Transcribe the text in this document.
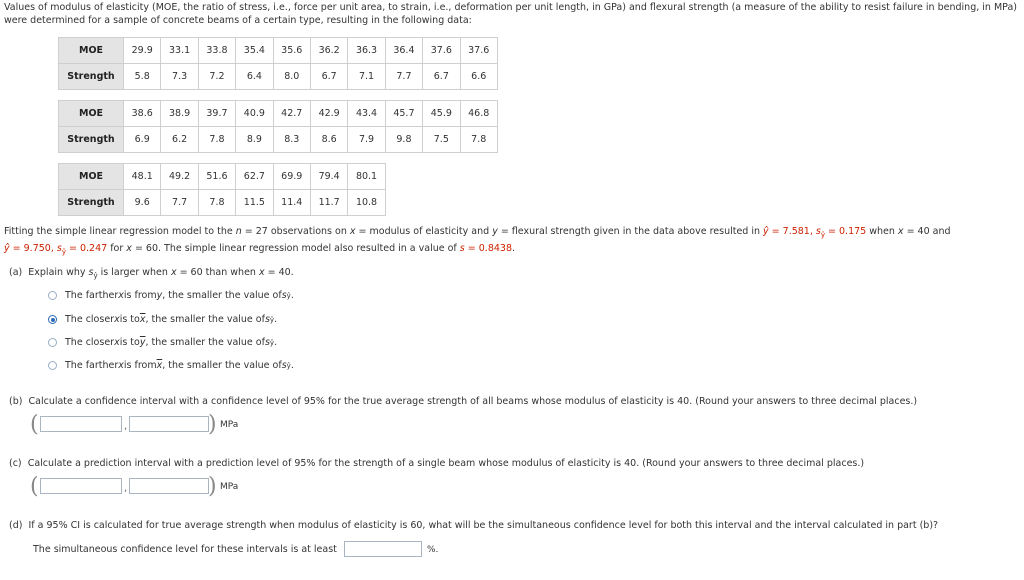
Values of modulus of elasticity (MOE, the ratio of stress, i.e., force per unit area, to strain, i.e., deformation per unit length, in GPa) and flexural strength (a measure of the ability to resist failure in bending, in MPa) were determined for a sample of concrete beams of a certain type, resulting in the following data:
MOE	29.9	33.1	33.8	35.4	35.6	36.2	36.3	36.4	37.6	37.6
Strength	5.8	7.3	7.2	6.4	8.0	6.7	7.1	7.7	6.7	6.6
MOE	38.6	38.9	39.7	40.9	42.7	42.9	43.4	45.7	45.9	46.8
Strength	6.9	6.2	7.8	8.9	8.3	8.6	7.9	9.8	7.5	7.8
MOE	48.1	49.2	51.6	62.7	69.9	79.4	80.1
Strength	9.6	7.7	7.8	11.5	11.4	11.7	10.8
Fitting the simple linear regression model to the n = 27 observations on x = modulus of elasticity and y = flexural strength given in the data above resulted in ŷ = 7.581, $s_ŷ = 0.175$ when x = 40 and
ŷ = 9.750, $s_ŷ = 0.247$ for x = 60. The simple linear regression model also resulted in a value of s = 0.8438.
(a) Explain why $s_ŷ$ is larger when x = 60 than when x = 40.
The farther x is from y , the smaller the value of s ŷ .
The closer x is to $\overline{x}$ , the smaller the value of s ŷ .
The closer x is to $\overline{y}$ , the smaller the value of s ŷ .
The farther x is from $\overline{x}$ , the smaller the value of s ŷ .
(b) Calculate a confidence interval with a confidence level of 95% for the true average strength of all beams whose modulus of elasticity is 40. (Round your answers to three decimal places.)
(	,	) MPa
(c) Calculate a prediction interval with a prediction level of 95% for the strength of a single beam whose modulus of elasticity is 40. (Round your answers to three decimal places.)
(	,	) MPa
(d) If a 95% CI is calculated for true average strength when modulus of elasticity is 60, what will be the simultaneous confidence level for both this interval and the interval calculated in part (b)?
The simultaneous confidence level for these intervals is at least	%.
